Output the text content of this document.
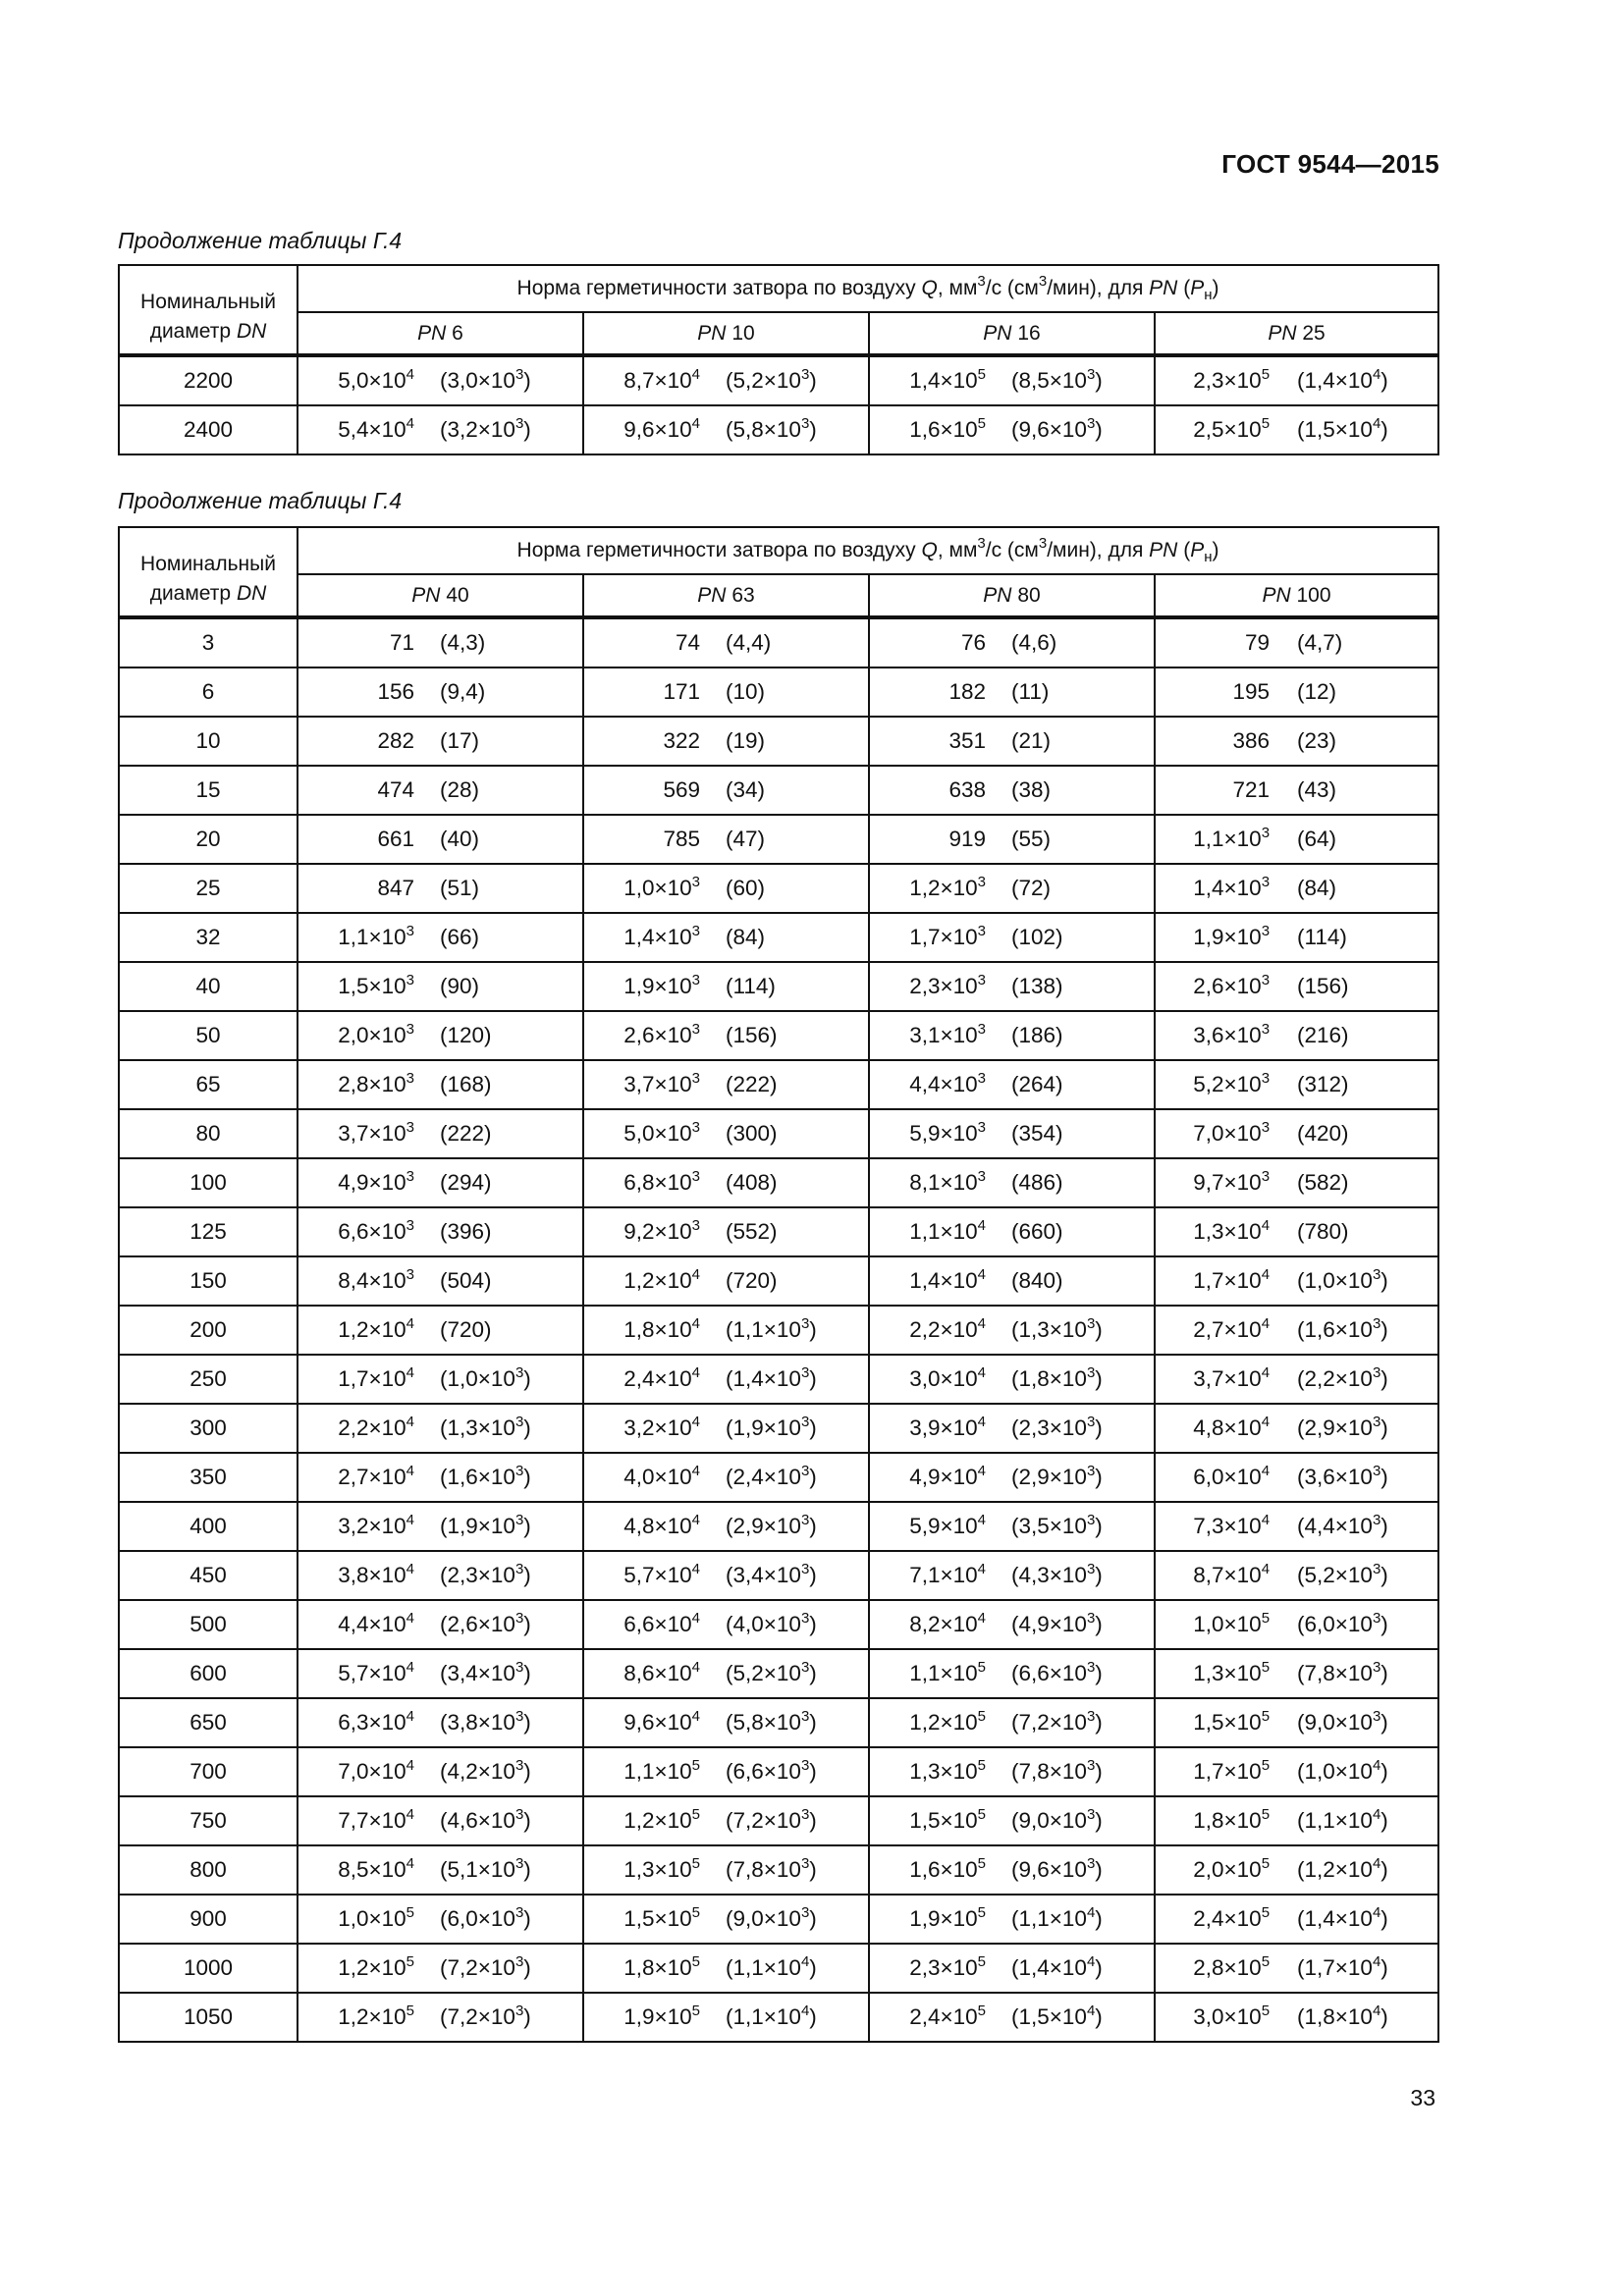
ГОСТ 9544—2015
Продолжение таблицы Г.4
Номинальный
диаметр DN	Норма герметичности затвора по воздуху Q, $мм^3/с$ $(см^3/мин)$, для PN $(P_н)$			
	PN 6	PN 10	PN 16	PN 25
2200	$5,0\times 10^4$ $(3,0\times 10^3)$	$8,7\times 10^4$ $(5,2\times 10^3)$	$1,4\times 10^5$ $(8,5\times 10^3)$	$2,3\times 10^5$ $(1,4\times 10^4)$

2400	$5,4\times 10^4$ $(3,2\times 10^3)$	$9,6\times 10^4$ $(5,8\times 10^3)$	$1,6\times 10^5$ $(9,6\times 10^3)$	$2,5\times 10^5$ $(1,5\times 10^4)$
Продолжение таблицы Г.4
Номинальный
диаметр DN	Норма герметичности затвора по воздуху Q, $мм^3/с$ $(см^3/мин)$, для PN $(P_н)$			
	PN 40	PN 63	PN 80	PN 100
3	71 (4,3)	74 (4,4)	76 (4,6)	79 (4,7)

6	156 (9,4)	171 (10)	182 (11)	195 (12)

10	282 (17)	322 (19)	351 (21)	386 (23)

15	474 (28)	569 (34)	638 (38)	721 (43)

20	661 (40)	785 (47)	919 (55)	$1,1\times 10^3$ (64)

25	847 (51)	$1,0\times 10^3$ (60)	$1,2\times 10^3$ (72)	$1,4\times 10^3$ (84)

32	$1,1\times 10^3$ (66)	$1,4\times 10^3$ (84)	$1,7\times 10^3$ (102)	$1,9\times 10^3$ (114)

40	$1,5\times 10^3$ (90)	$1,9\times 10^3$ (114)	$2,3\times 10^3$ (138)	$2,6\times 10^3$ (156)

50	$2,0\times 10^3$ (120)	$2,6\times 10^3$ (156)	$3,1\times 10^3$ (186)	$3,6\times 10^3$ (216)

65	$2,8\times 10^3$ (168)	$3,7\times 10^3$ (222)	$4,4\times 10^3$ (264)	$5,2\times 10^3$ (312)

80	$3,7\times 10^3$ (222)	$5,0\times 10^3$ (300)	$5,9\times 10^3$ (354)	$7,0\times 10^3$ (420)

100	$4,9\times 10^3$ (294)	$6,8\times 10^3$ (408)	$8,1\times 10^3$ (486)	$9,7\times 10^3$ (582)

125	$6,6\times 10^3$ (396)	$9,2\times 10^3$ (552)	$1,1\times 10^4$ (660)	$1,3\times 10^4$ (780)

150	$8,4\times 10^3$ (504)	$1,2\times 10^4$ (720)	$1,4\times 10^4$ (840)	$1,7\times 10^4$ $(1,0\times 10^3)$

200	$1,2\times 10^4$ (720)	$1,8\times 10^4$ $(1,1\times 10^3)$	$2,2\times 10^4$ $(1,3\times 10^3)$	$2,7\times 10^4$ $(1,6\times 10^3)$

250	$1,7\times 10^4$ $(1,0\times 10^3)$	$2,4\times 10^4$ $(1,4\times 10^3)$	$3,0\times 10^4$ $(1,8\times 10^3)$	$3,7\times 10^4$ $(2,2\times 10^3)$

300	$2,2\times 10^4$ $(1,3\times 10^3)$	$3,2\times 10^4$ $(1,9\times 10^3)$	$3,9\times 10^4$ $(2,3\times 10^3)$	$4,8\times 10^4$ $(2,9\times 10^3)$

350	$2,7\times 10^4$ $(1,6\times 10^3)$	$4,0\times 10^4$ $(2,4\times 10^3)$	$4,9\times 10^4$ $(2,9\times 10^3)$	$6,0\times 10^4$ $(3,6\times 10^3)$

400	$3,2\times 10^4$ $(1,9\times 10^3)$	$4,8\times 10^4$ $(2,9\times 10^3)$	$5,9\times 10^4$ $(3,5\times 10^3)$	$7,3\times 10^4$ $(4,4\times 10^3)$

450	$3,8\times 10^4$ $(2,3\times 10^3)$	$5,7\times 10^4$ $(3,4\times 10^3)$	$7,1\times 10^4$ $(4,3\times 10^3)$	$8,7\times 10^4$ $(5,2\times 10^3)$

500	$4,4\times 10^4$ $(2,6\times 10^3)$	$6,6\times 10^4$ $(4,0\times 10^3)$	$8,2\times 10^4$ $(4,9\times 10^3)$	$1,0\times 10^5$ $(6,0\times 10^3)$

600	$5,7\times 10^4$ $(3,4\times 10^3)$	$8,6\times 10^4$ $(5,2\times 10^3)$	$1,1\times 10^5$ $(6,6\times 10^3)$	$1,3\times 10^5$ $(7,8\times 10^3)$

650	$6,3\times 10^4$ $(3,8\times 10^3)$	$9,6\times 10^4$ $(5,8\times 10^3)$	$1,2\times 10^5$ $(7,2\times 10^3)$	$1,5\times 10^5$ $(9,0\times 10^3)$

700	$7,0\times 10^4$ $(4,2\times 10^3)$	$1,1\times 10^5$ $(6,6\times 10^3)$	$1,3\times 10^5$ $(7,8\times 10^3)$	$1,7\times 10^5$ $(1,0\times 10^4)$

750	$7,7\times 10^4$ $(4,6\times 10^3)$	$1,2\times 10^5$ $(7,2\times 10^3)$	$1,5\times 10^5$ $(9,0\times 10^3)$	$1,8\times 10^5$ $(1,1\times 10^4)$

800	$8,5\times 10^4$ $(5,1\times 10^3)$	$1,3\times 10^5$ $(7,8\times 10^3)$	$1,6\times 10^5$ $(9,6\times 10^3)$	$2,0\times 10^5$ $(1,2\times 10^4)$

900	$1,0\times 10^5$ $(6,0\times 10^3)$	$1,5\times 10^5$ $(9,0\times 10^3)$	$1,9\times 10^5$ $(1,1\times 10^4)$	$2,4\times 10^5$ $(1,4\times 10^4)$

1000	$1,2\times 10^5$ $(7,2\times 10^3)$	$1,8\times 10^5$ $(1,1\times 10^4)$	$2,3\times 10^5$ $(1,4\times 10^4)$	$2,8\times 10^5$ $(1,7\times 10^4)$

1050	$1,2\times 10^5$ $(7,2\times 10^3)$	$1,9\times 10^5$ $(1,1\times 10^4)$	$2,4\times 10^5$ $(1,5\times 10^4)$	$3,0\times 10^5$ $(1,8\times 10^4)$
33
